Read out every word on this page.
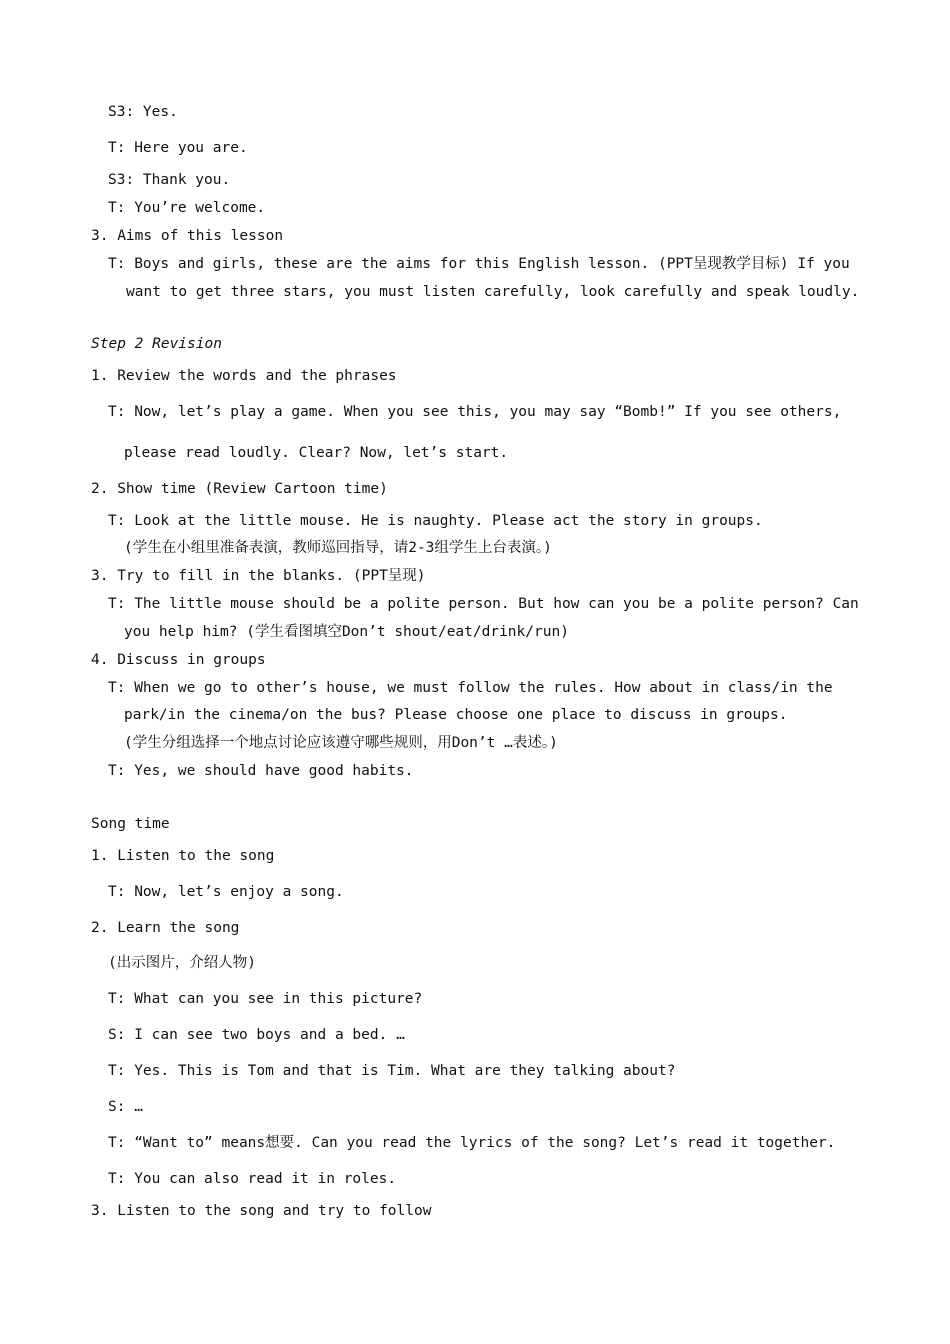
S3: Yes.
T: Here you are.
S3: Thank you.
T: You’re welcome.
3. Aims of this lesson
T: Boys and girls, these are the aims for this English lesson. (PPT呈现教学目标) If you
want to get three stars, you must listen carefully, look carefully and speak loudly.
Step 2 Revision
1. Review the words and the phrases
T: Now, let’s play a game. When you see this, you may say “Bomb!” If you see others,
please read loudly. Clear? Now, let’s start.
2. Show time (Review Cartoon time)
T: Look at the little mouse. He is naughty. Please act the story in groups.
(学生在小组里准备表演，教师巡回指导，请2-3组学生上台表演。)
3. Try to fill in the blanks. (PPT呈现)
T: The little mouse should be a polite person. But how can you be a polite person? Can
you help him? (学生看图填空Don’t shout/eat/drink/run)
4. Discuss in groups
T: When we go to other’s house, we must follow the rules. How about in class/in the
park/in the cinema/on the bus? Please choose one place to discuss in groups.
(学生分组选择一个地点讨论应该遵守哪些规则，用Don’t …表述。)
T: Yes, we should have good habits.
Song time
1. Listen to the song
T: Now, let’s enjoy a song.
2. Learn the song
(出示图片，介绍人物)
T: What can you see in this picture?
S: I can see two boys and a bed. …
T: Yes. This is Tom and that is Tim. What are they talking about?
S: …
T: “Want to” means想要. Can you read the lyrics of the song? Let’s read it together.
T: You can also read it in roles.
3. Listen to the song and try to follow
